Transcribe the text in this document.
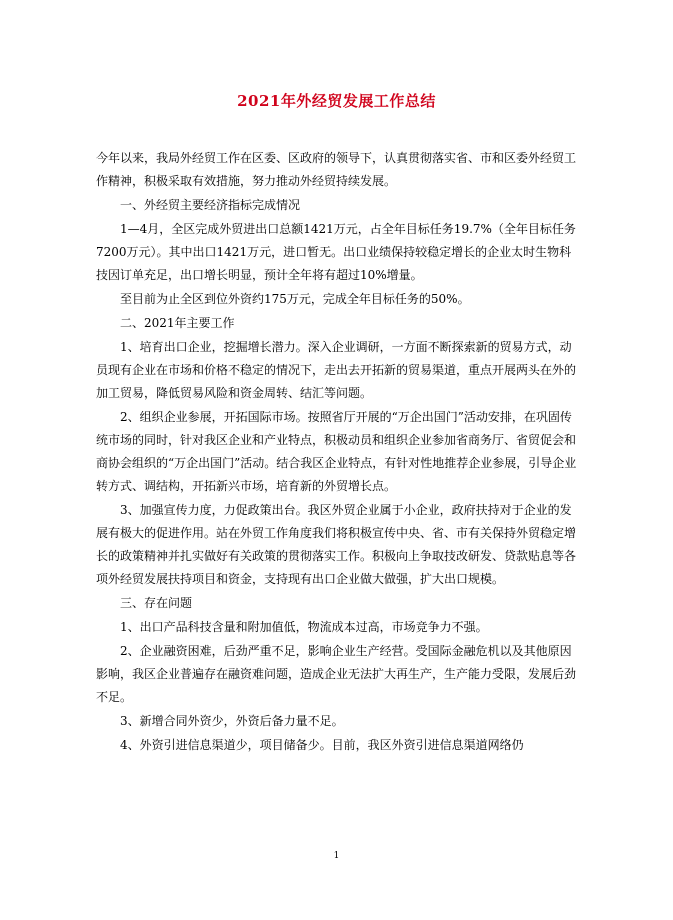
2021年外经贸发展工作总结

今年以来，我局外经贸工作在区委、区政府的领导下，认真贯彻落实省、市和区委外经贸工作精神，积极采取有效措施，努力推动外经贸持续发展。

一、外经贸主要经济指标完成情况

1—4月，全区完成外贸进出口总额1421万元，占全年目标任务19.7%（全年目标任务7200万元）。其中出口1421万元，进口暂无。出口业绩保持较稳定增长的企业太时生物科技因订单充足，出口增长明显，预计全年将有超过10%增量。

至目前为止全区到位外资约175万元，完成全年目标任务的50%。

二、2021年主要工作

1、培育出口企业，挖掘增长潜力。深入企业调研，一方面不断探索新的贸易方式，动员现有企业在市场和价格不稳定的情况下，走出去开拓新的贸易渠道，重点开展两头在外的加工贸易，降低贸易风险和资金周转、结汇等问题。

2、组织企业参展，开拓国际市场。按照省厅开展的“万企出国门”活动安排，在巩固传统市场的同时，针对我区企业和产业特点，积极动员和组织企业参加省商务厅、省贸促会和商协会组织的“万企出国门”活动。结合我区企业特点，有针对性地推荐企业参展，引导企业转方式、调结构，开拓新兴市场，培育新的外贸增长点。

3、加强宣传力度，力促政策出台。我区外贸企业属于小企业，政府扶持对于企业的发展有极大的促进作用。站在外贸工作角度我们将积极宣传中央、省、市有关保持外贸稳定增长的政策精神并扎实做好有关政策的贯彻落实工作。积极向上争取技改研发、贷款贴息等各项外经贸发展扶持项目和资金，支持现有出口企业做大做强，扩大出口规模。

三、存在问题

1、出口产品科技含量和附加值低，物流成本过高，市场竞争力不强。

2、企业融资困难，后劲严重不足，影响企业生产经营。受国际金融危机以及其他原因影响，我区企业普遍存在融资难问题，造成企业无法扩大再生产，生产能力受限，发展后劲不足。

3、新增合同外资少，外资后备力量不足。

4、外资引进信息渠道少，项目储备少。目前，我区外资引进信息渠道网络仍

1
